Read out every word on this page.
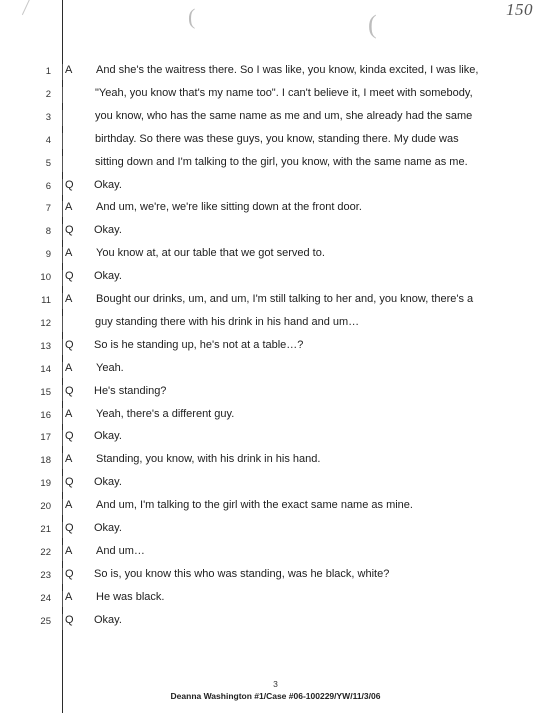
(	(
150
1 A	And she's the waitress there. So I was like, you know, kinda excited, I was like,
2	"Yeah, you know that's my name too". I can't believe it, I meet with somebody,
3	you know, who has the same name as me and um, she already had the same
4	birthday. So there was these guys, you know, standing there. My dude was
5	sitting down and I'm talking to the girl, you know, with the same name as me.
6 Q	Okay.
7 A	And um, we're, we're like sitting down at the front door.
8 Q	Okay.
9 A	You know at, at our table that we got served to.
10 Q	Okay.
11 A	Bought our drinks, um, and um, I'm still talking to her and, you know, there's a
12	guy standing there with his drink in his hand and um…
13 Q	So is he standing up, he's not at a table…?
14 A	Yeah.
15 Q	He's standing?
16 A	Yeah, there's a different guy.
17 Q	Okay.
18 A	Standing, you know, with his drink in his hand.
19 Q	Okay.
20 A	And um, I'm talking to the girl with the exact same name as mine.
21 Q	Okay.
22 A	And um…
23 Q	So is, you know this who was standing, was he black, white?
24 A	He was black.
25 Q	Okay.
3
Deanna Washington #1/Case #06-100229/YW/11/3/06
